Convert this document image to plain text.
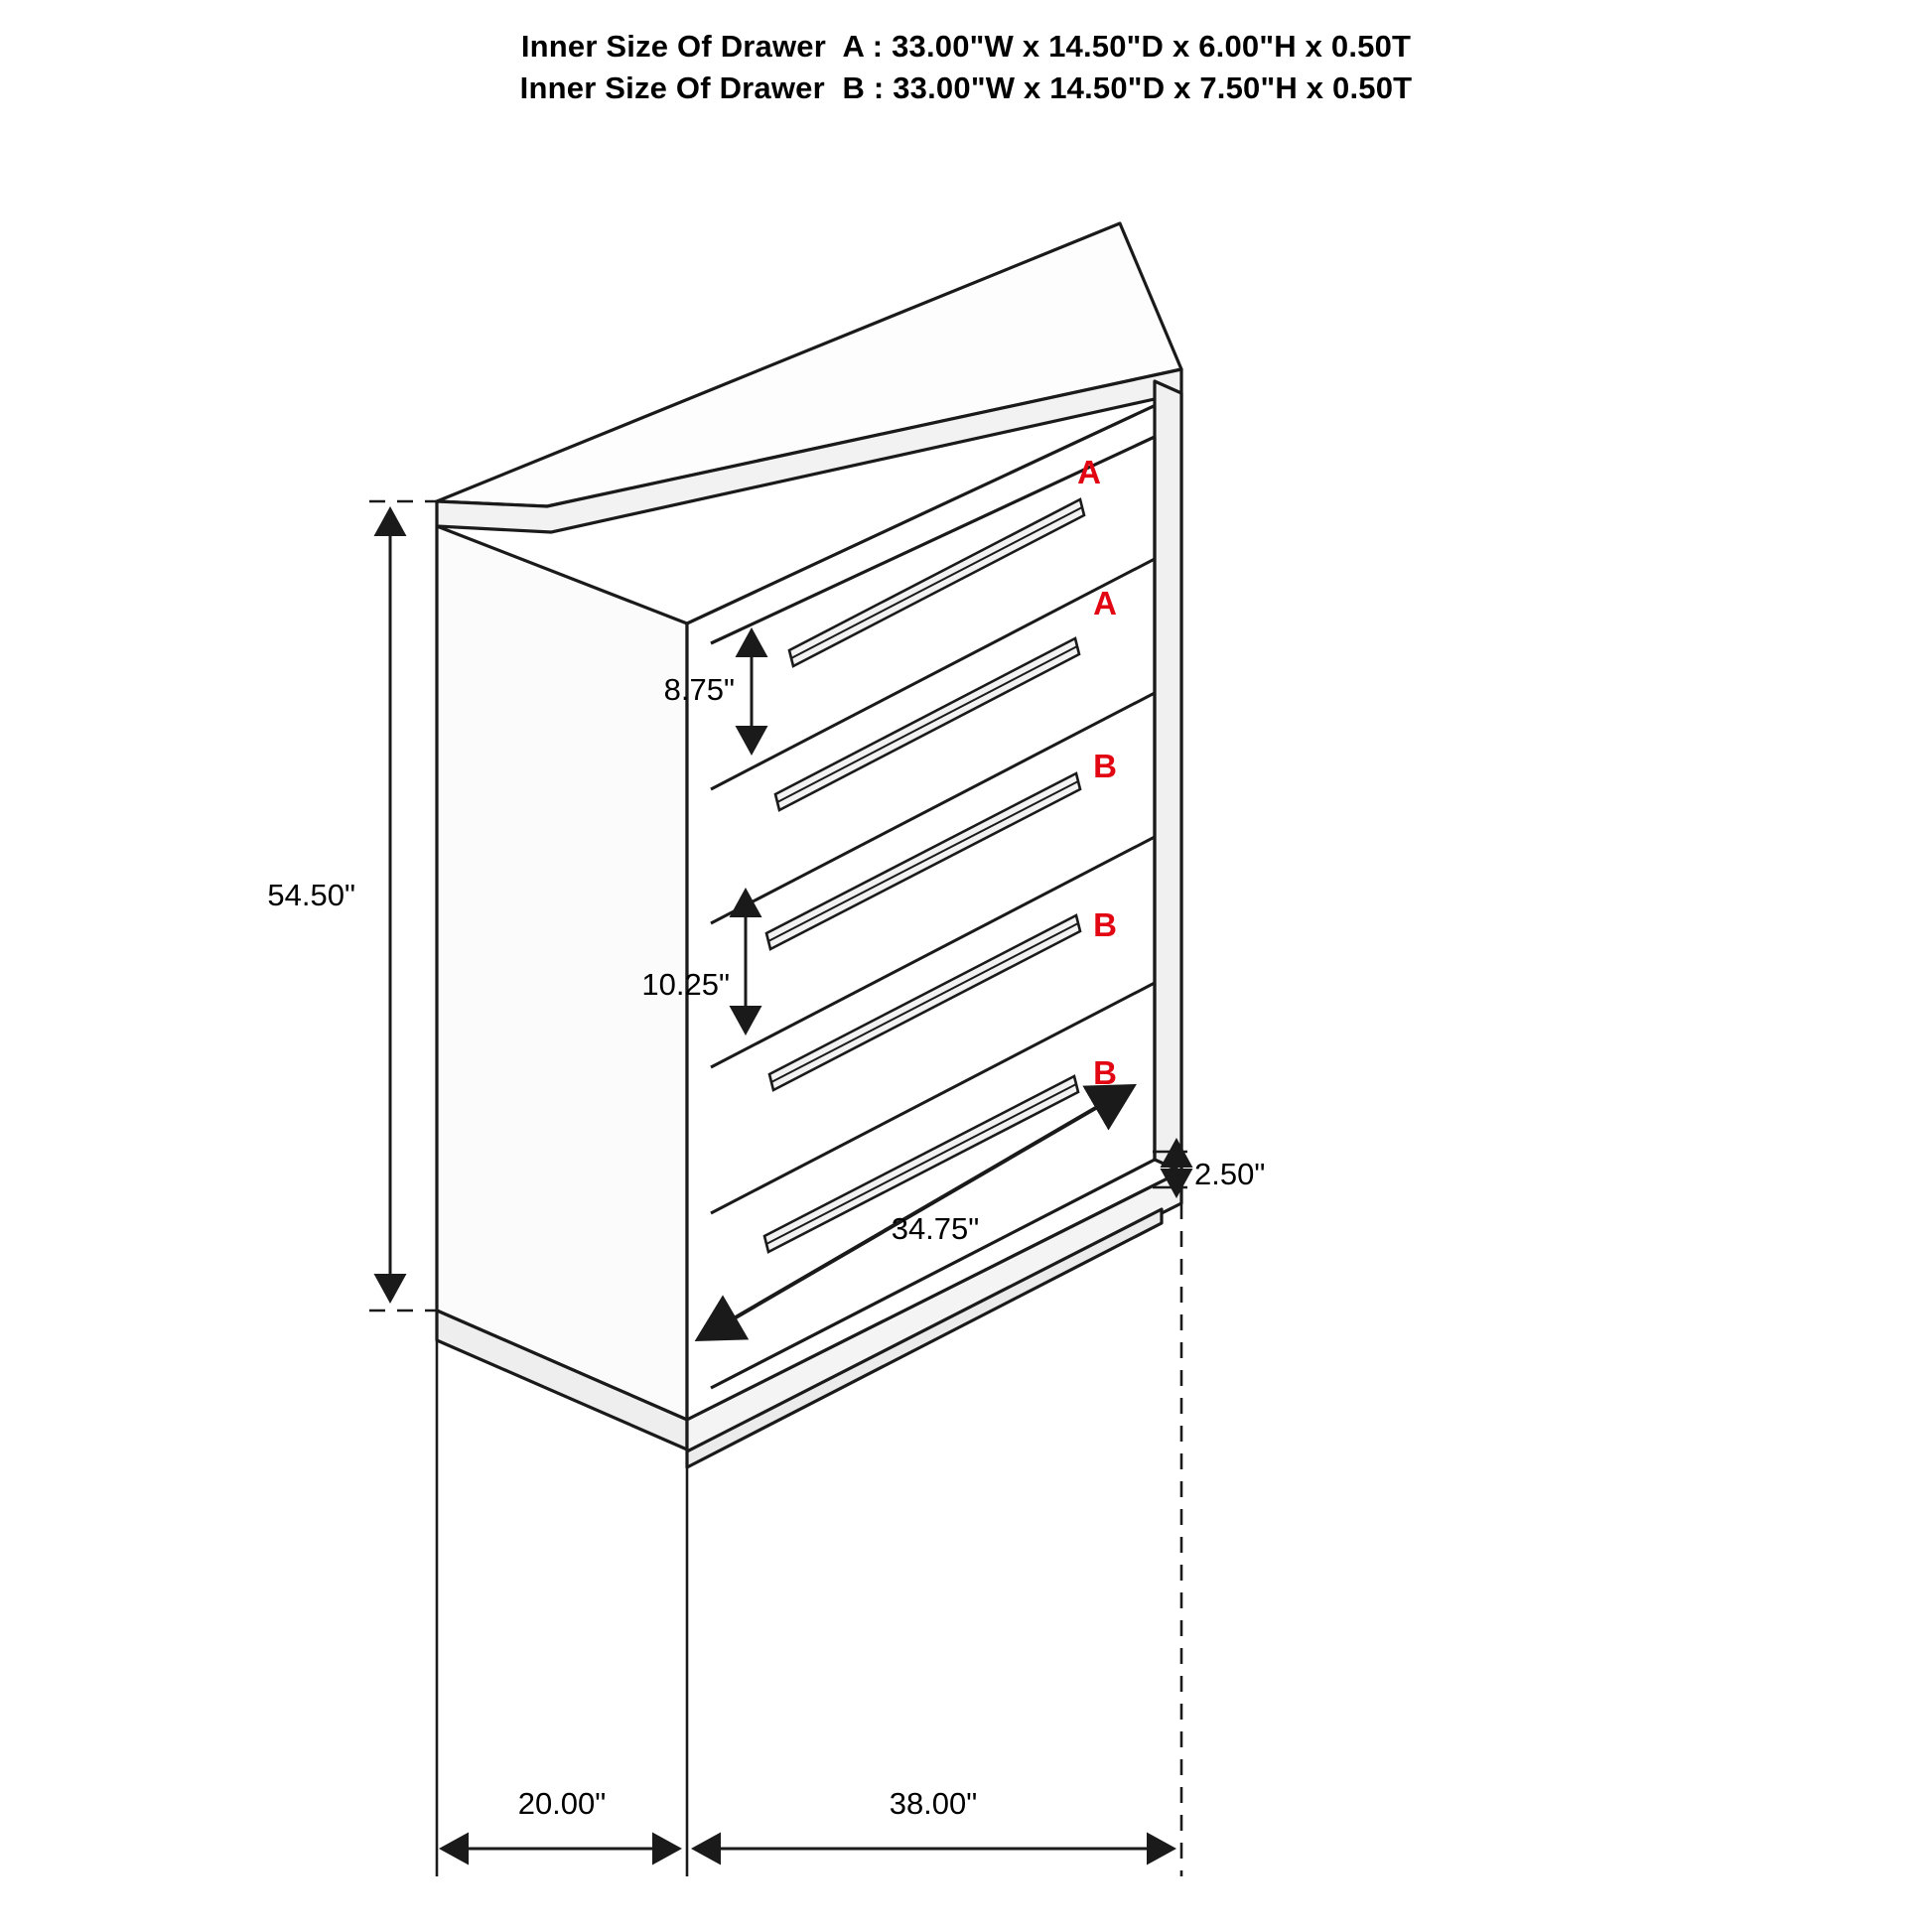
Inner Size Of Drawer  A : 33.00"W x 14.50"D x 6.00"H x 0.50T
Inner Size Of Drawer  B : 33.00"W x 14.50"D x 7.50"H x 0.50T
A
A
B
B
B
54.50"
8.75"
10.25"
34.75"
2.50"
20.00"	38.00"
